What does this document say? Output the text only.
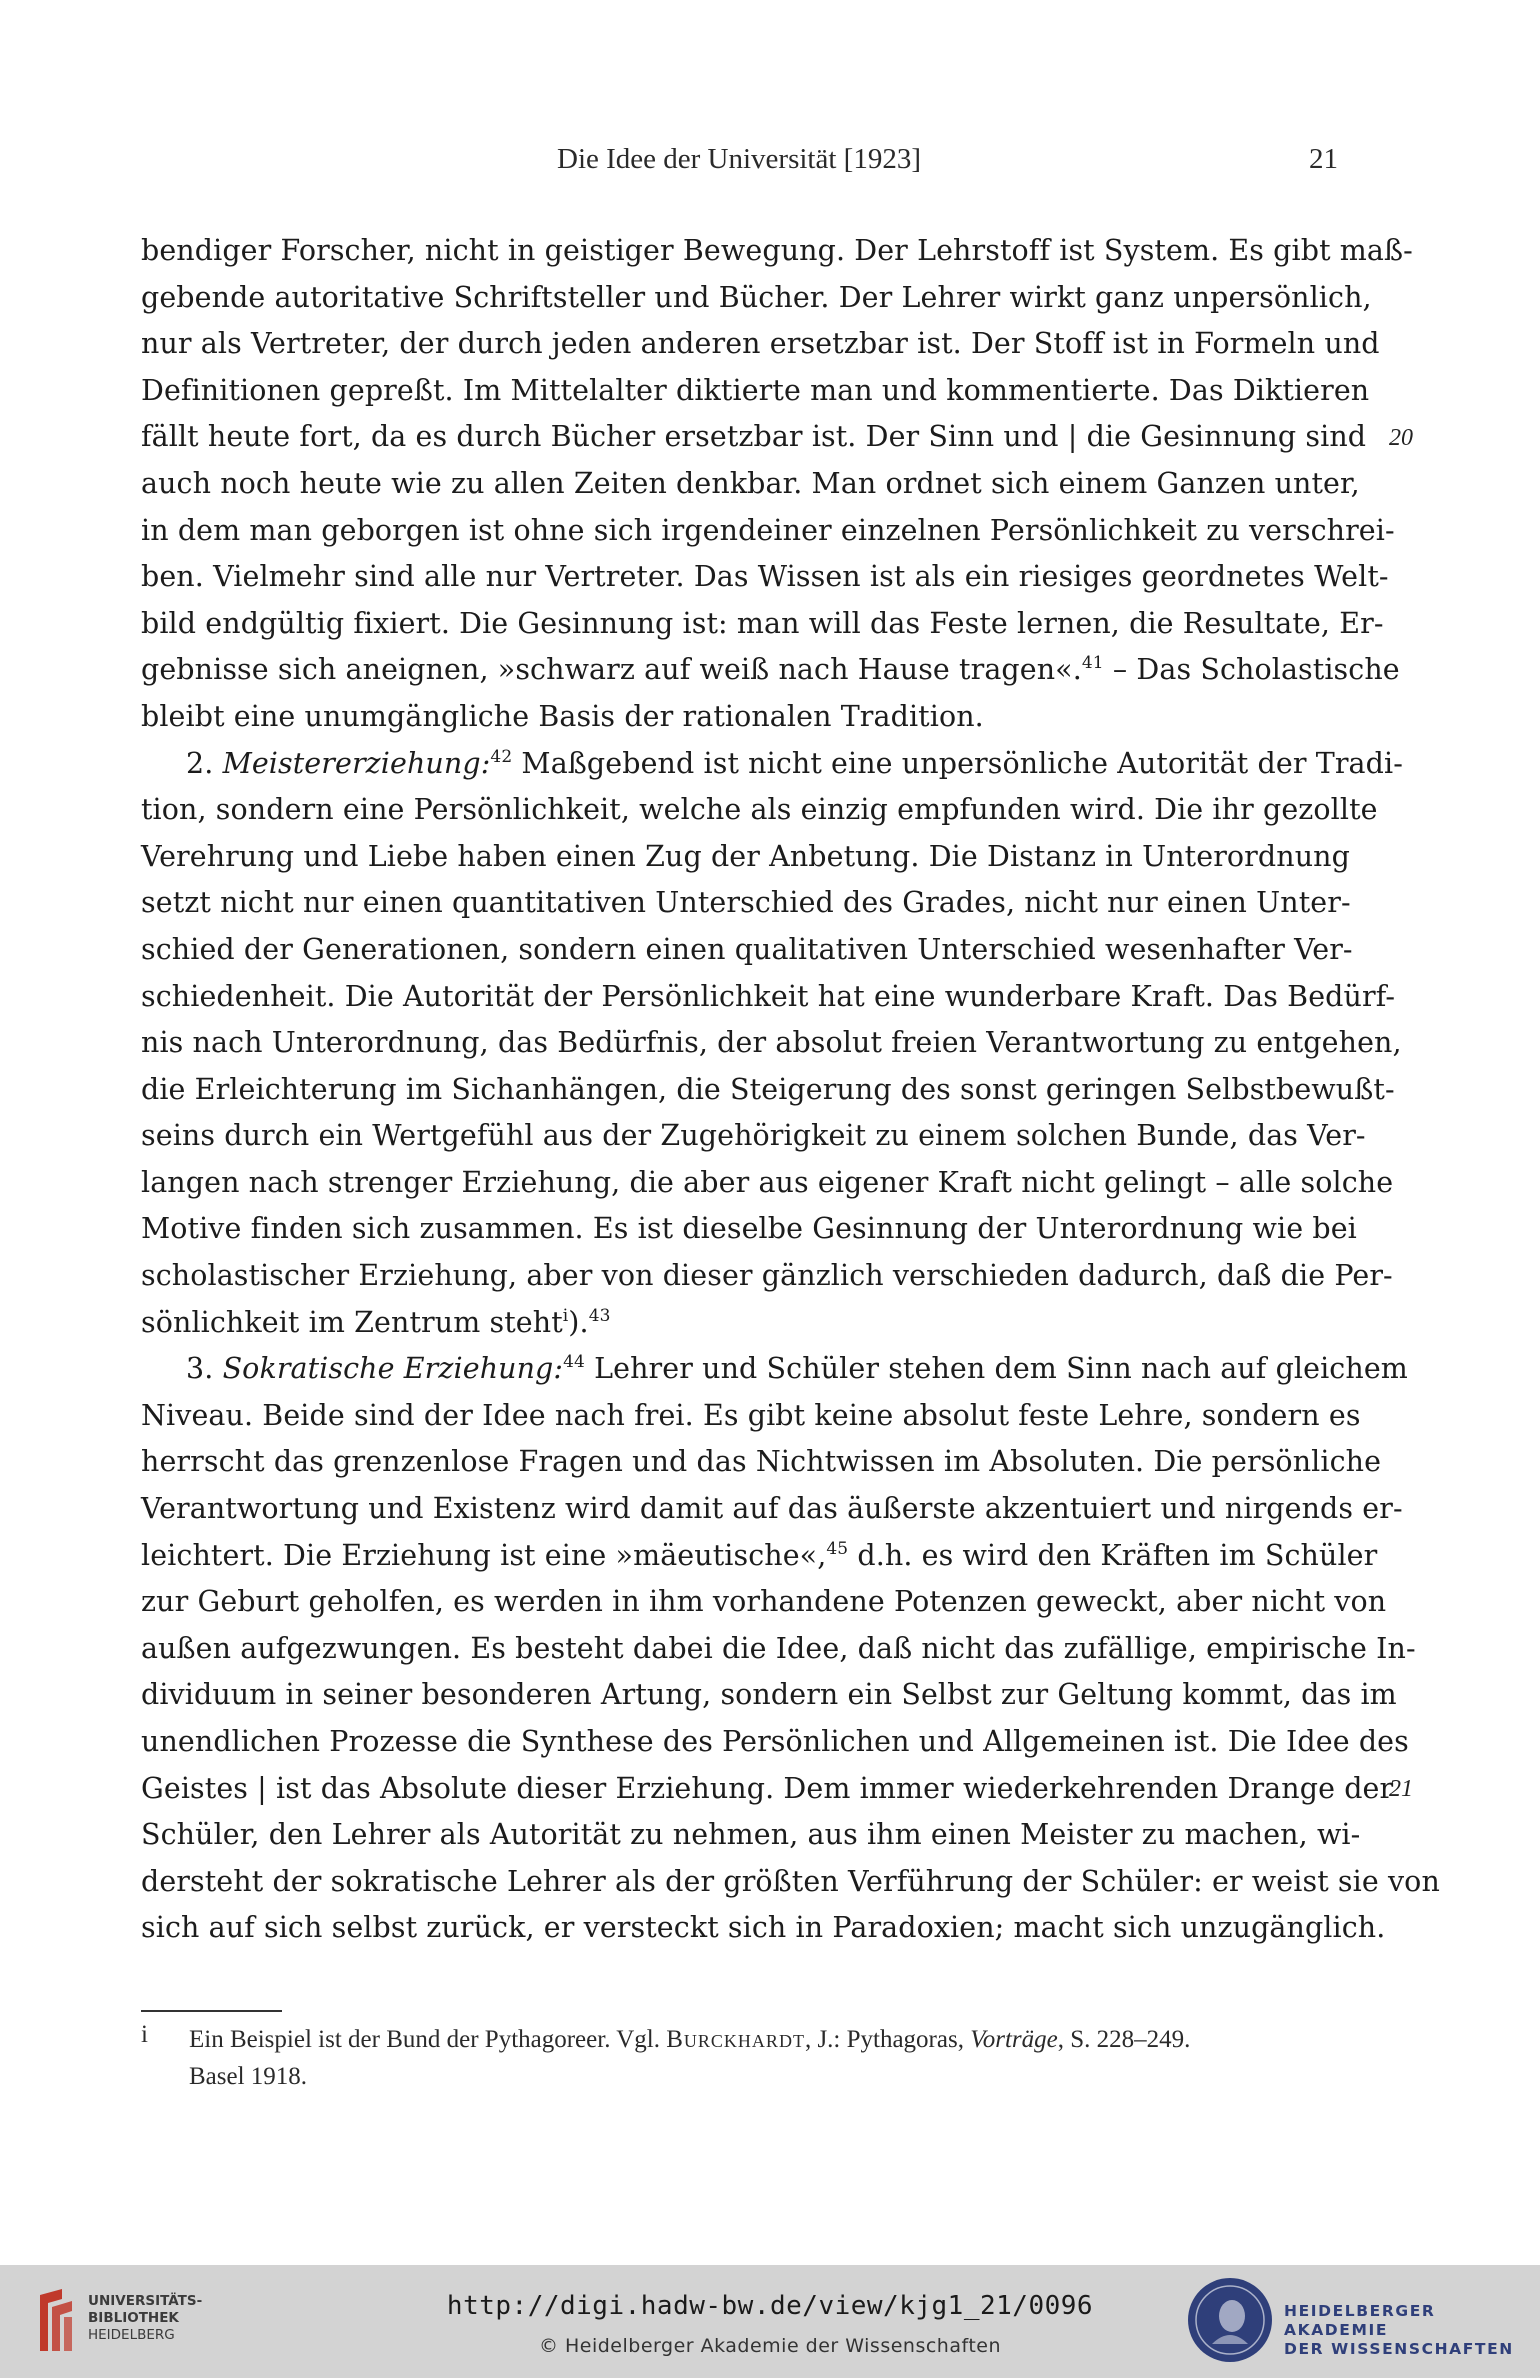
Die Idee der Universität [1923]	21
bendiger Forscher, nicht in geistiger Bewegung. Der Lehrstoff ist System. Es gibt maß-
gebende autoritative Schriftsteller und Bücher. Der Lehrer wirkt ganz unpersönlich,
nur als Vertreter, der durch jeden anderen ersetzbar ist. Der Stoff ist in Formeln und
Definitionen gepreßt. Im Mittelalter diktierte man und kommentierte. Das Diktieren
fällt heute fort, da es durch Bücher ersetzbar ist. Der Sinn und | die Gesinnung sind
auch noch heute wie zu allen Zeiten denkbar. Man ordnet sich einem Ganzen unter,
in dem man geborgen ist ohne sich irgendeiner einzelnen Persönlichkeit zu verschrei-
ben. Vielmehr sind alle nur Vertreter. Das Wissen ist als ein riesiges geordnetes Welt-
bild endgültig fixiert. Die Gesinnung ist: man will das Feste lernen, die Resultate, Er-
gebnisse sich aneignen, »schwarz auf weiß nach Hause tragen«.$^{41}$ – Das Scholastische
bleibt eine unumgängliche Basis der rationalen Tradition.
2. Meistererziehung:$^{42}$ Maßgebend ist nicht eine unpersönliche Autorität der Tradi-
tion, sondern eine Persönlichkeit, welche als einzig empfunden wird. Die ihr gezollte
Verehrung und Liebe haben einen Zug der Anbetung. Die Distanz in Unterordnung
setzt nicht nur einen quantitativen Unterschied des Grades, nicht nur einen Unter-
schied der Generationen, sondern einen qualitativen Unterschied wesenhafter Ver-
schiedenheit. Die Autorität der Persönlichkeit hat eine wunderbare Kraft. Das Bedürf-
nis nach Unterordnung, das Bedürfnis, der absolut freien Verantwortung zu entgehen,
die Erleichterung im Sichanhängen, die Steigerung des sonst geringen Selbstbewußt-
seins durch ein Wertgefühl aus der Zugehörigkeit zu einem solchen Bunde, das Ver-
langen nach strenger Erziehung, die aber aus eigener Kraft nicht gelingt – alle solche
Motive finden sich zusammen. Es ist dieselbe Gesinnung der Unterordnung wie bei
scholastischer Erziehung, aber von dieser gänzlich verschieden dadurch, daß die Per-
sönlichkeit im Zentrum steht$^i$).$^{43}$
3. Sokratische Erziehung:$^{44}$ Lehrer und Schüler stehen dem Sinn nach auf gleichem
Niveau. Beide sind der Idee nach frei. Es gibt keine absolut feste Lehre, sondern es
herrscht das grenzenlose Fragen und das Nichtwissen im Absoluten. Die persönliche
Verantwortung und Existenz wird damit auf das äußerste akzentuiert und nirgends er-
leichtert. Die Erziehung ist eine »mäeutische«,$^{45}$ d.h. es wird den Kräften im Schüler
zur Geburt geholfen, es werden in ihm vorhandene Potenzen geweckt, aber nicht von
außen aufgezwungen. Es besteht dabei die Idee, daß nicht das zufällige, empirische In-
dividuum in seiner besonderen Artung, sondern ein Selbst zur Geltung kommt, das im
unendlichen Prozesse die Synthese des Persönlichen und Allgemeinen ist. Die Idee des
Geistes | ist das Absolute dieser Erziehung. Dem immer wiederkehrenden Drange der
Schüler, den Lehrer als Autorität zu nehmen, aus ihm einen Meister zu machen, wi-
dersteht der sokratische Lehrer als der größten Verführung der Schüler: er weist sie von
sich auf sich selbst zurück, er versteckt sich in Paradoxien; macht sich unzugänglich.
20
21
i Ein Beispiel ist der Bund der Pythagoreer. Vgl. Burckhardt, J.: Pythagoras, Vorträge, S. 228–249.
Basel 1918.
UNIVERSITÄTS-
BIBLIOTHEK
HEIDELBERG
http://digi.hadw-bw.de/view/kjg1_21/0096
© Heidelberger Akademie der Wissenschaften
HEIDELBERGER AKADEMIE
DER WISSENSCHAFTEN
